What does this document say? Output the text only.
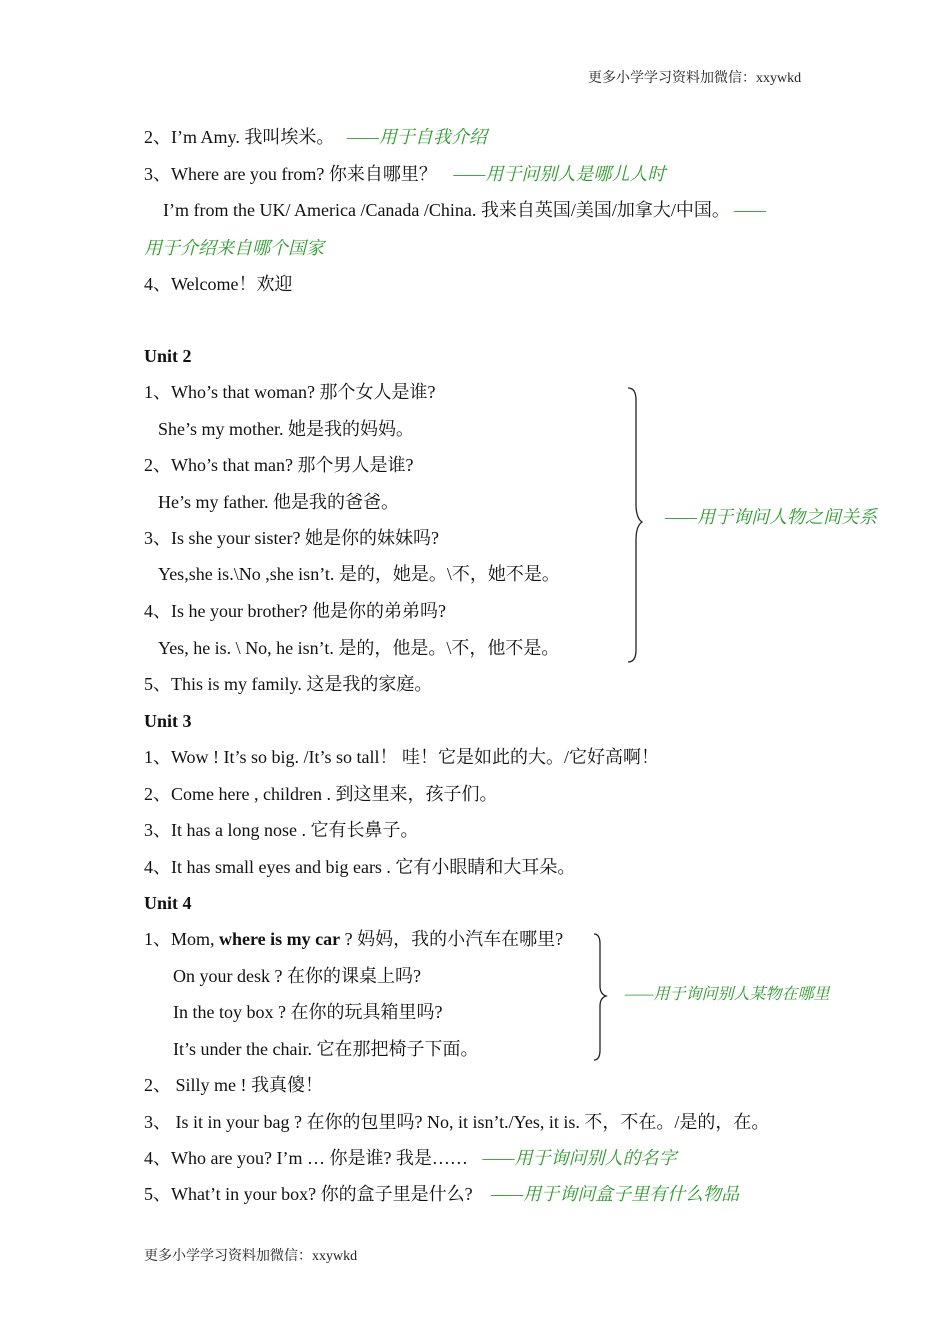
更多小学学习资料加微信：xxywkd
2、I’m Amy. 我叫埃米。 ——用于自我介绍
3、Where are you from? 你来自哪里？ ——用于问别人是哪儿人时
I’m from the UK/ America /Canada /China. 我来自英国/美国/加拿大/中国。 ——
用于介绍来自哪个国家
4、Welcome！欢迎
Unit 2
1、Who’s that woman? 那个女人是谁?
She’s my mother. 她是我的妈妈。
2、Who’s that man? 那个男人是谁?
He’s my father. 他是我的爸爸。
3、Is she your sister? 她是你的妹妹吗?
Yes,she is.\No ,she isn’t. 是的，她是。\不，她不是。
4、Is he your brother? 他是你的弟弟吗?
Yes, he is. \ No, he isn’t. 是的，他是。\不，他不是。
5、This is my family. 这是我的家庭。
——用于询问人物之间关系
Unit 3
1、Wow ! It’s so big. /It’s so tall！ 哇！它是如此的大。/它好高啊！
2、Come here , children . 到这里来，孩子们。
3、It has a long nose . 它有长鼻子。
4、It has small eyes and big ears . 它有小眼睛和大耳朵。
Unit 4
1、Mom, where is my car ? 妈妈，我的小汽车在哪里?
On your desk ? 在你的课桌上吗?
In the toy box ? 在你的玩具箱里吗?
It’s under the chair. 它在那把椅子下面。
——用于询问别人某物在哪里
2、 Silly me ! 我真傻！
3、 Is it in your bag ? 在你的包里吗? No, it isn’t./Yes, it is. 不，不在。/是的，在。
4、Who are you? I’m … 你是谁? 我是…… ——用于询问别人的名字
5、What’t in your box? 你的盒子里是什么? ——用于询问盒子里有什么物品
更多小学学习资料加微信：xxywkd
